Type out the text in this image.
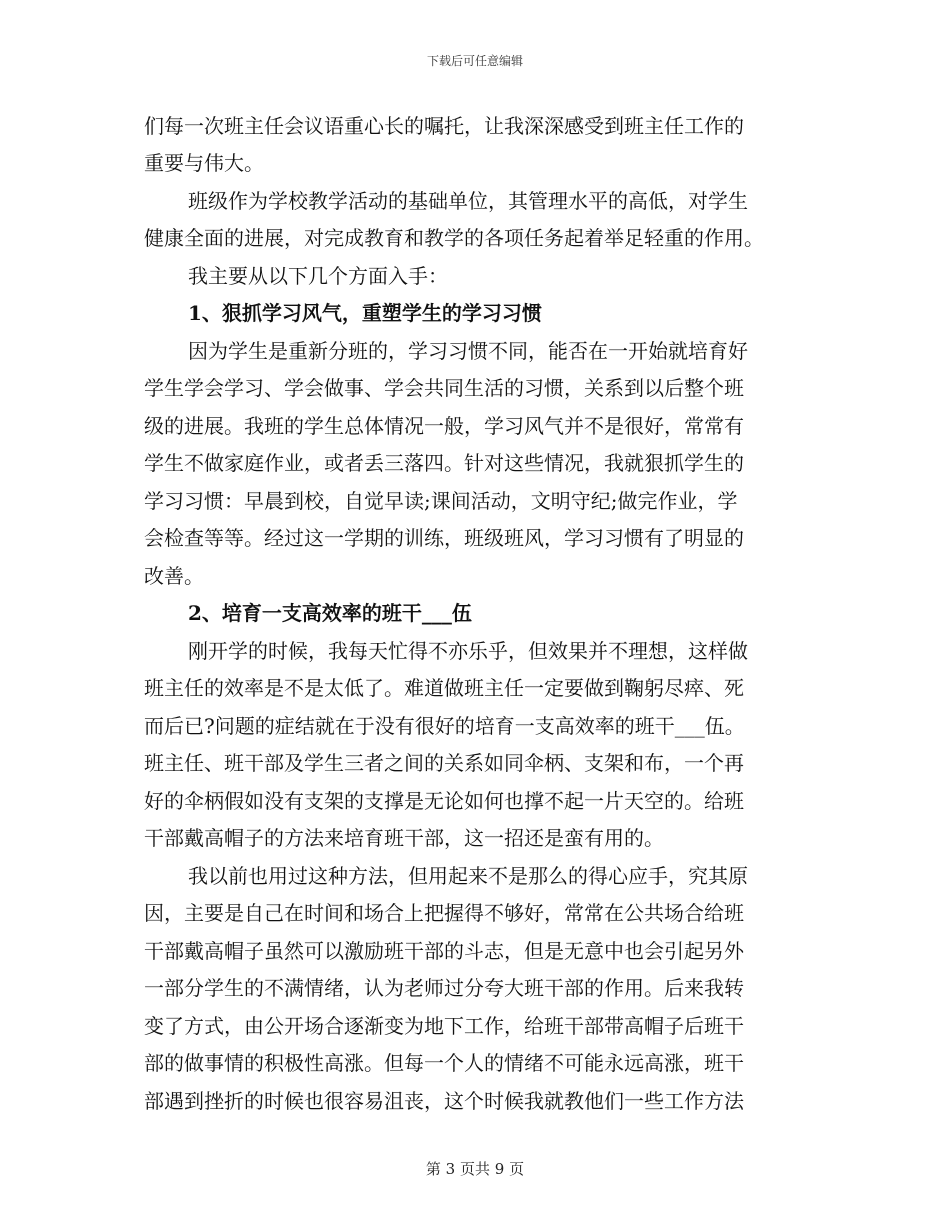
下载后可任意编辑
们每一次班主任会议语重心长的嘱托，让我深深感受到班主任工作的
重要与伟大。
班级作为学校教学活动的基础单位，其管理水平的高低，对学生
健康全面的进展，对完成教育和教学的各项任务起着举足轻重的作用。
我主要从以下几个方面入手：
1、狠抓学习风气，重塑学生的学习习惯
因为学生是重新分班的，学习习惯不同，能否在一开始就培育好
学生学会学习、学会做事、学会共同生活的习惯，关系到以后整个班
级的进展。我班的学生总体情况一般，学习风气并不是很好，常常有
学生不做家庭作业，或者丢三落四。针对这些情况，我就狠抓学生的
学习习惯：早晨到校，自觉早读;课间活动，文明守纪;做完作业，学
会检查等等。经过这一学期的训练，班级班风，学习习惯有了明显的
改善。
2、培育一支高效率的班干___伍
刚开学的时候，我每天忙得不亦乐乎，但效果并不理想，这样做
班主任的效率是不是太低了。难道做班主任一定要做到鞠躬尽瘁、死
而后已?问题的症结就在于没有很好的培育一支高效率的班干___伍。
班主任、班干部及学生三者之间的关系如同伞柄、支架和布，一个再
好的伞柄假如没有支架的支撑是无论如何也撑不起一片天空的。给班
干部戴高帽子的方法来培育班干部，这一招还是蛮有用的。
我以前也用过这种方法，但用起来不是那么的得心应手，究其原
因，主要是自己在时间和场合上把握得不够好，常常在公共场合给班
干部戴高帽子虽然可以激励班干部的斗志，但是无意中也会引起另外
一部分学生的不满情绪，认为老师过分夸大班干部的作用。后来我转
变了方式，由公开场合逐渐变为地下工作，给班干部带高帽子后班干
部的做事情的积极性高涨。但每一个人的情绪不可能永远高涨，班干
部遇到挫折的时候也很容易沮丧，这个时候我就教他们一些工作方法
第 3 页共 9 页
